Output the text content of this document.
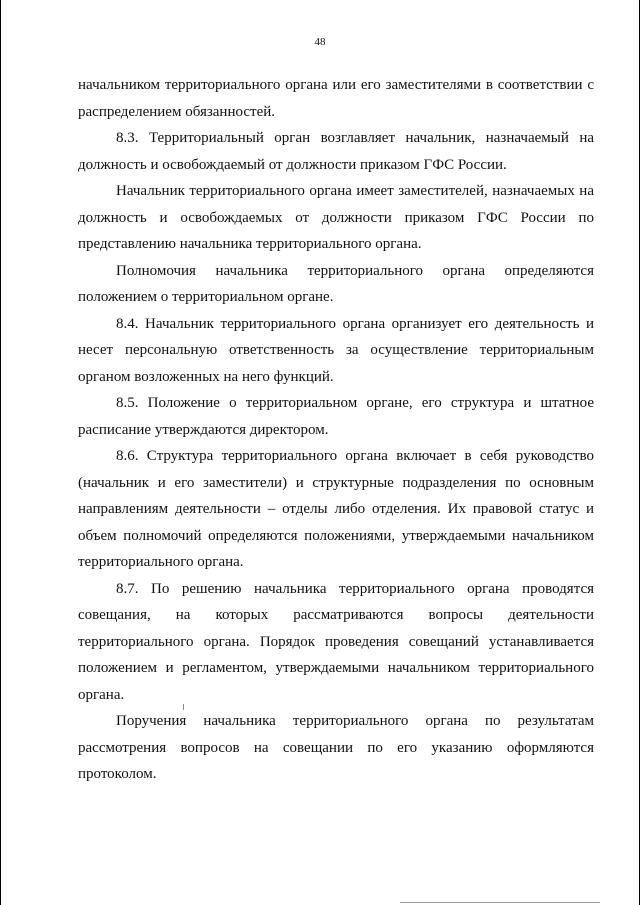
48

начальником территориального органа или его заместителями в соответствии с распределением обязанностей.

8.3. Территориальный орган возглавляет начальник, назначаемый на должность и освобождаемый от должности приказом ГФС России.

Начальник территориального органа имеет заместителей, назначаемых на должность и освобождаемых от должности приказом ГФС России по представлению начальника территориального органа.

Полномочия начальника территориального органа определяются положением о территориальном органе.

8.4. Начальник территориального органа организует его деятельность и несет персональную ответственность за осуществление территориальным органом возложенных на него функций.

8.5. Положение о территориальном органе, его структура и штатное расписание утверждаются директором.

8.6. Структура территориального органа включает в себя руководство (начальник и его заместители) и структурные подразделения по основным направлениям деятельности – отделы либо отделения. Их правовой статус и объем полномочий определяются положениями, утверждаемыми начальником территориального органа.

8.7. По решению начальника территориального органа проводятся совещания, на которых рассматриваются вопросы деятельности территориального органа. Порядок проведения совещаний устанавливается положением и регламентом, утверждаемыми начальником территориального органа.

Поручения начальника территориального органа по результатам рассмотрения вопросов на совещании по его указанию оформляются протоколом.
